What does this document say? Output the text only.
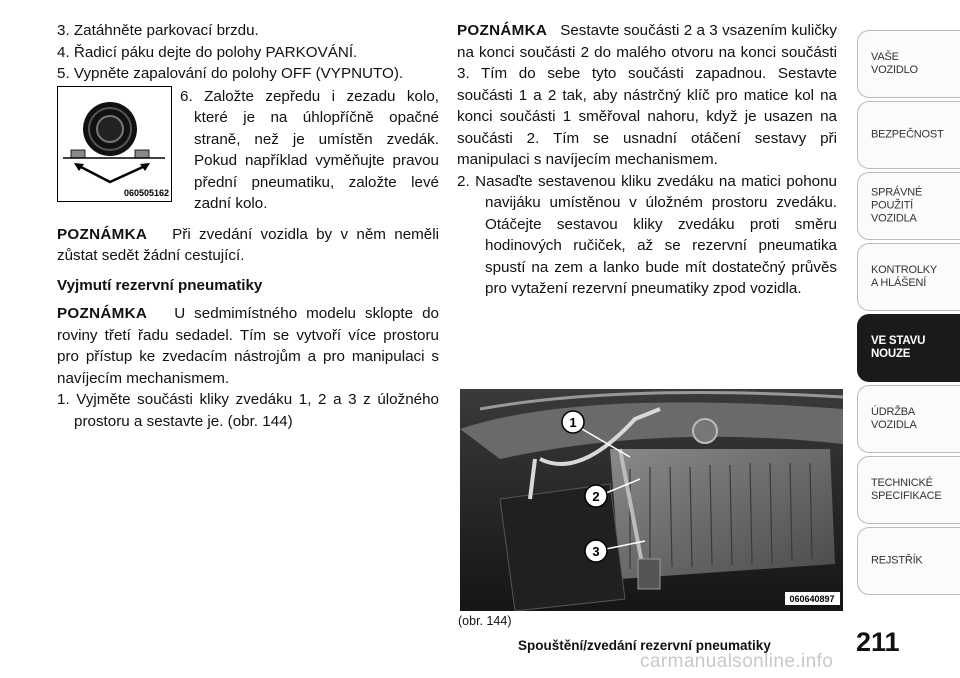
3. Zatáhněte parkovací brzdu.

4. Řadicí páku dejte do polohy PARKOVÁNÍ.

5. Vypněte zapalování do polohy OFF (VYPNUTO).

060505162

6. Založte zepředu i zezadu kolo, které je na úhlopříčně opačné straně, než je umístěn zvedák. Pokud například vyměňujte pravou přední pneumatiku, založte levé zadní kolo.

POZNÁMKA Při zvedání vozidla by v něm neměli zůstat sedět žádní cestující.

Vyjmutí rezervní pneumatiky

POZNÁMKA U sedmimístného modelu sklopte do roviny třetí řadu sedadel. Tím se vytvoří více prostoru pro přístup ke zvedacím nástrojům a pro manipulaci s navíjecím mechanismem.

1. Vyjměte součásti kliky zvedáku 1, 2 a 3 z úložného prostoru a sestavte je. (obr. 144)

POZNÁMKA Sestavte součásti 2 a 3 vsazením kuličky na konci součásti 2 do malého otvoru na konci součásti 3. Tím do sebe tyto součásti zapadnou. Sestavte součásti 1 a 2 tak, aby nástrčný klíč pro matice kol na konci součásti 1 směřoval nahoru, když je usazen na součásti 2. Tím se usnadní otáčení sestavy při manipulaci s navíjecím mechanismem.

2. Nasaďte sestavenou kliku zvedáku na matici pohonu navijáku umístěnou v úložném prostoru zvedáku. Otáčejte sestavou kliky zvedáku proti směru hodinových ručiček, až se rezervní pneumatika spustí na zem a lanko bude mít dostatečný průvěs pro vytažení rezervní pneumatiky zpod vozidla.

1
2
3
060640897
(obr. 144)
Spouštění/zvedání rezervní pneumatiky	211
carmanualsonline.info
VAŠE
VOZIDLO
BEZPEČNOST
SPRÁVNÉ
POUŽITÍ
VOZIDLA
KONTROLKY
A HLÁŠENÍ
VE STAVU
NOUZE
ÚDRŽBA
VOZIDLA
TECHNICKÉ
SPECIFIKACE
REJSTŘÍK
